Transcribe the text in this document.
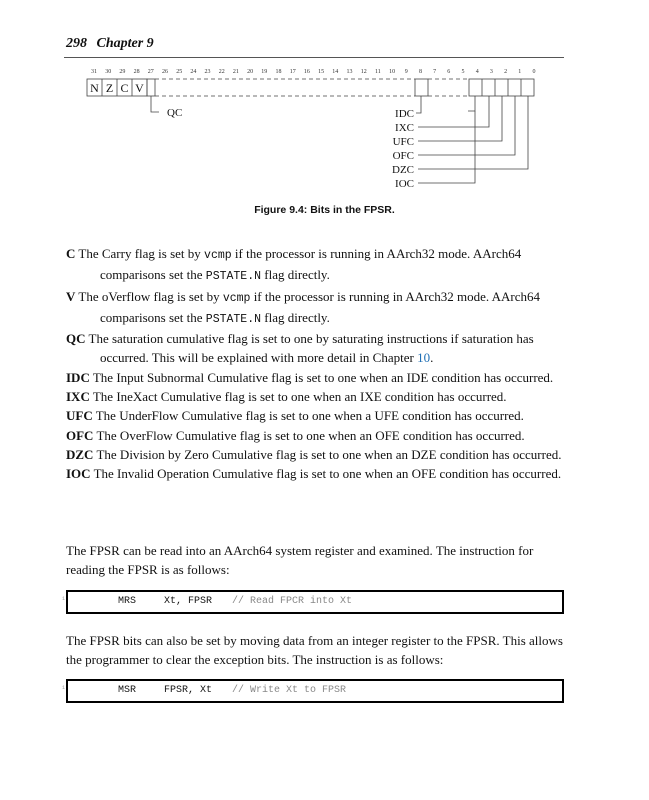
298 Chapter 9
31 30 29 28 27 26 25 24 23 22 21 20 19 18 17 16 15 14 13 12 11 10 9 8 7 6 5 4 3 2 1 0
N Z C V
QC	IDC
IXC
UFC
OFC
DZC
IOC
Figure 9.4: Bits in the FPSR.

C The Carry flag is set by vcmp if the processor is running in AArch32 mode. AArch64 comparisons set the PSTATE.N flag directly.

V The oVerflow flag is set by vcmp if the processor is running in AArch32 mode. AArch64 comparisons set the PSTATE.N flag directly.

QC The saturation cumulative flag is set to one by saturating instructions if saturation has occurred. This will be explained with more detail in Chapter 10.

IDC The Input Subnormal Cumulative flag is set to one when an IDE condition has occurred.

IXC The IneXact Cumulative flag is set to one when an IXE condition has occurred.

UFC The UnderFlow Cumulative flag is set to one when a UFE condition has occurred.

OFC The OverFlow Cumulative flag is set to one when an OFE condition has occurred.

DZC The Division by Zero Cumulative flag is set to one when an DZE condition has occurred.

IOC The Invalid Operation Cumulative flag is set to one when an OFE condition has occurred.

The FPSR can be read into an AArch64 system register and examined. The instruction for reading the FPSR is as follows:
1	MRS	Xt, FPSR // Read FPCR into Xt
The FPSR bits can also be set by moving data from an integer register to the FPSR. This allows the programmer to clear the exception bits. The instruction is as follows:
1	MSR	FPSR, Xt // Write Xt to FPSR
